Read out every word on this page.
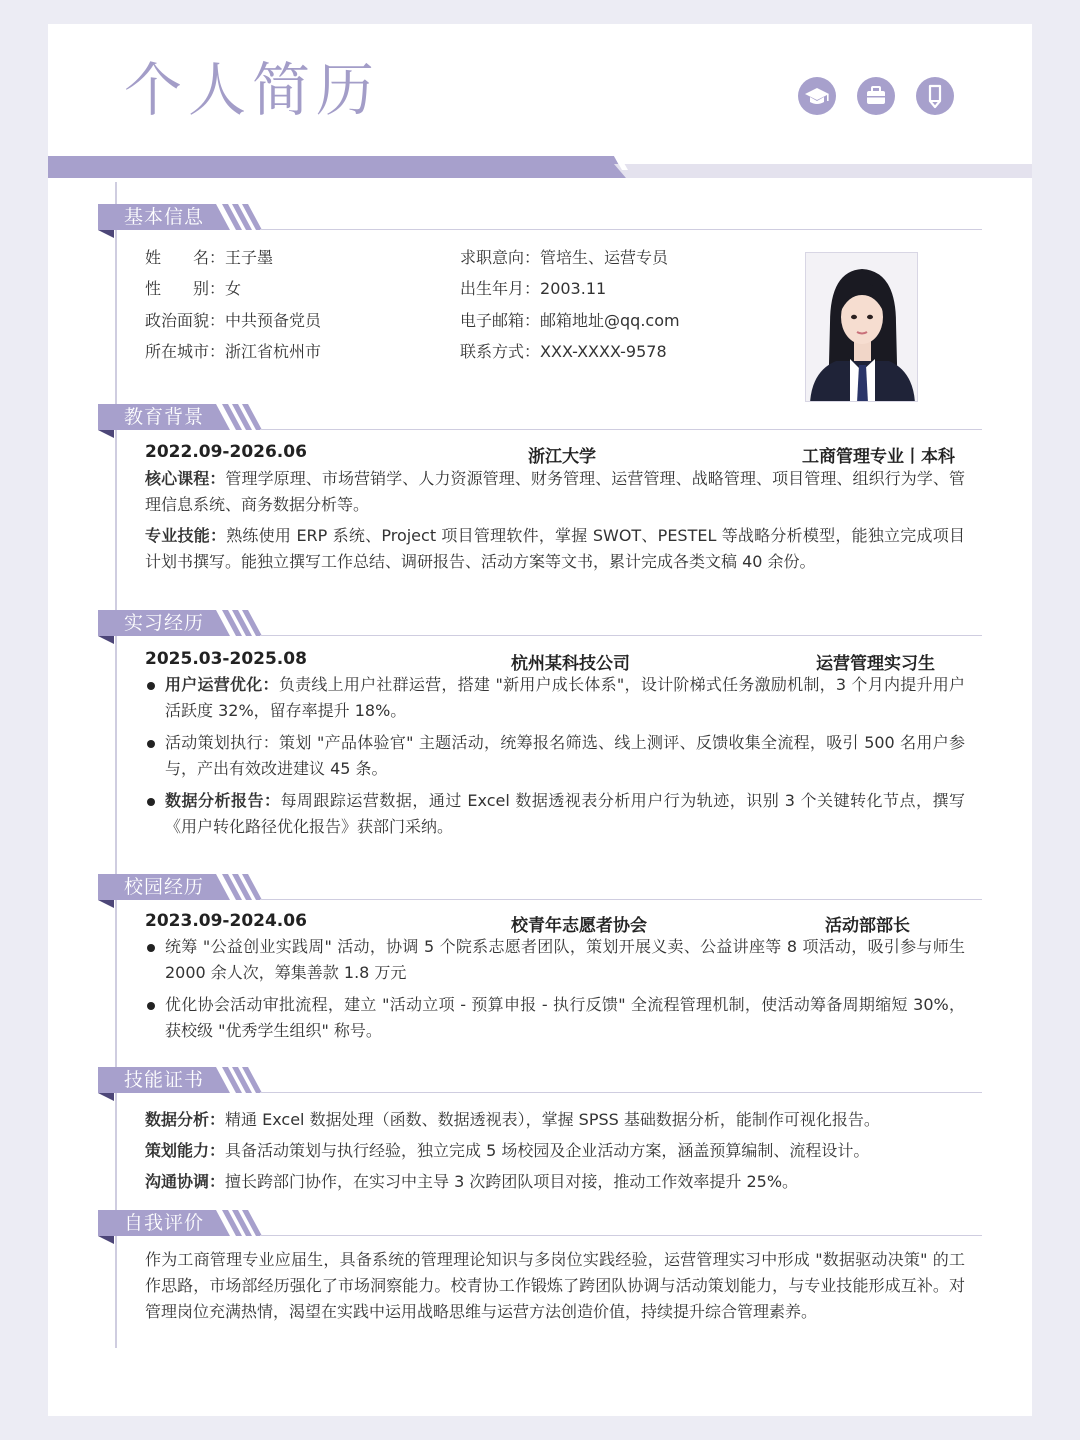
个人简历
基本信息
姓　　名：王子墨
性　　别：女
政治面貌：中共预备党员
所在城市：浙江省杭州市
求职意向：管培生、运营专员
出生年月：2003.11
电子邮箱：邮箱地址@qq.com
联系方式：XXX-XXXX-9578
教育背景
2022.09-2026.06	浙江大学	工商管理专业丨本科
核心课程：管理学原理、市场营销学、人力资源管理、财务管理、运营管理、战略管理、项目管理、组织行为学、管理信息系统、商务数据分析等。
专业技能：熟练使用 ERP 系统、Project 项目管理软件，掌握 SWOT、PESTEL 等战略分析模型，能独立完成项目计划书撰写。能独立撰写工作总结、调研报告、活动方案等文书，累计完成各类文稿 40 余份。
实习经历
2025.03-2025.08	杭州某科技公司	运营管理实习生
用户运营优化：负责线上用户社群运营，搭建 "新用户成长体系"，设计阶梯式任务激励机制，3 个月内提升用户活跃度 32%，留存率提升 18%。
活动策划执行：策划 "产品体验官" 主题活动，统筹报名筛选、线上测评、反馈收集全流程，吸引 500 名用户参与，产出有效改进建议 45 条。
数据分析报告：每周跟踪运营数据，通过 Excel 数据透视表分析用户行为轨迹，识别 3 个关键转化节点，撰写《用户转化路径优化报告》获部门采纳。
校园经历
2023.09-2024.06	校青年志愿者协会	活动部部长
统筹 "公益创业实践周" 活动，协调 5 个院系志愿者团队，策划开展义卖、公益讲座等 8 项活动，吸引参与师生 2000 余人次，筹集善款 1.8 万元
优化协会活动审批流程，建立 "活动立项 - 预算申报 - 执行反馈" 全流程管理机制，使活动筹备周期缩短 30%，获校级 "优秀学生组织" 称号。
技能证书
数据分析：精通 Excel 数据处理（函数、数据透视表），掌握 SPSS 基础数据分析，能制作可视化报告。
策划能力：具备活动策划与执行经验，独立完成 5 场校园及企业活动方案，涵盖预算编制、流程设计。
沟通协调：擅长跨部门协作，在实习中主导 3 次跨团队项目对接，推动工作效率提升 25%。
自我评价
作为工商管理专业应届生，具备系统的管理理论知识与多岗位实践经验，运营管理实习中形成 "数据驱动决策" 的工作思路，市场部经历强化了市场洞察能力。校青协工作锻炼了跨团队协调与活动策划能力，与专业技能形成互补。对管理岗位充满热情，渴望在实践中运用战略思维与运营方法创造价值，持续提升综合管理素养。
